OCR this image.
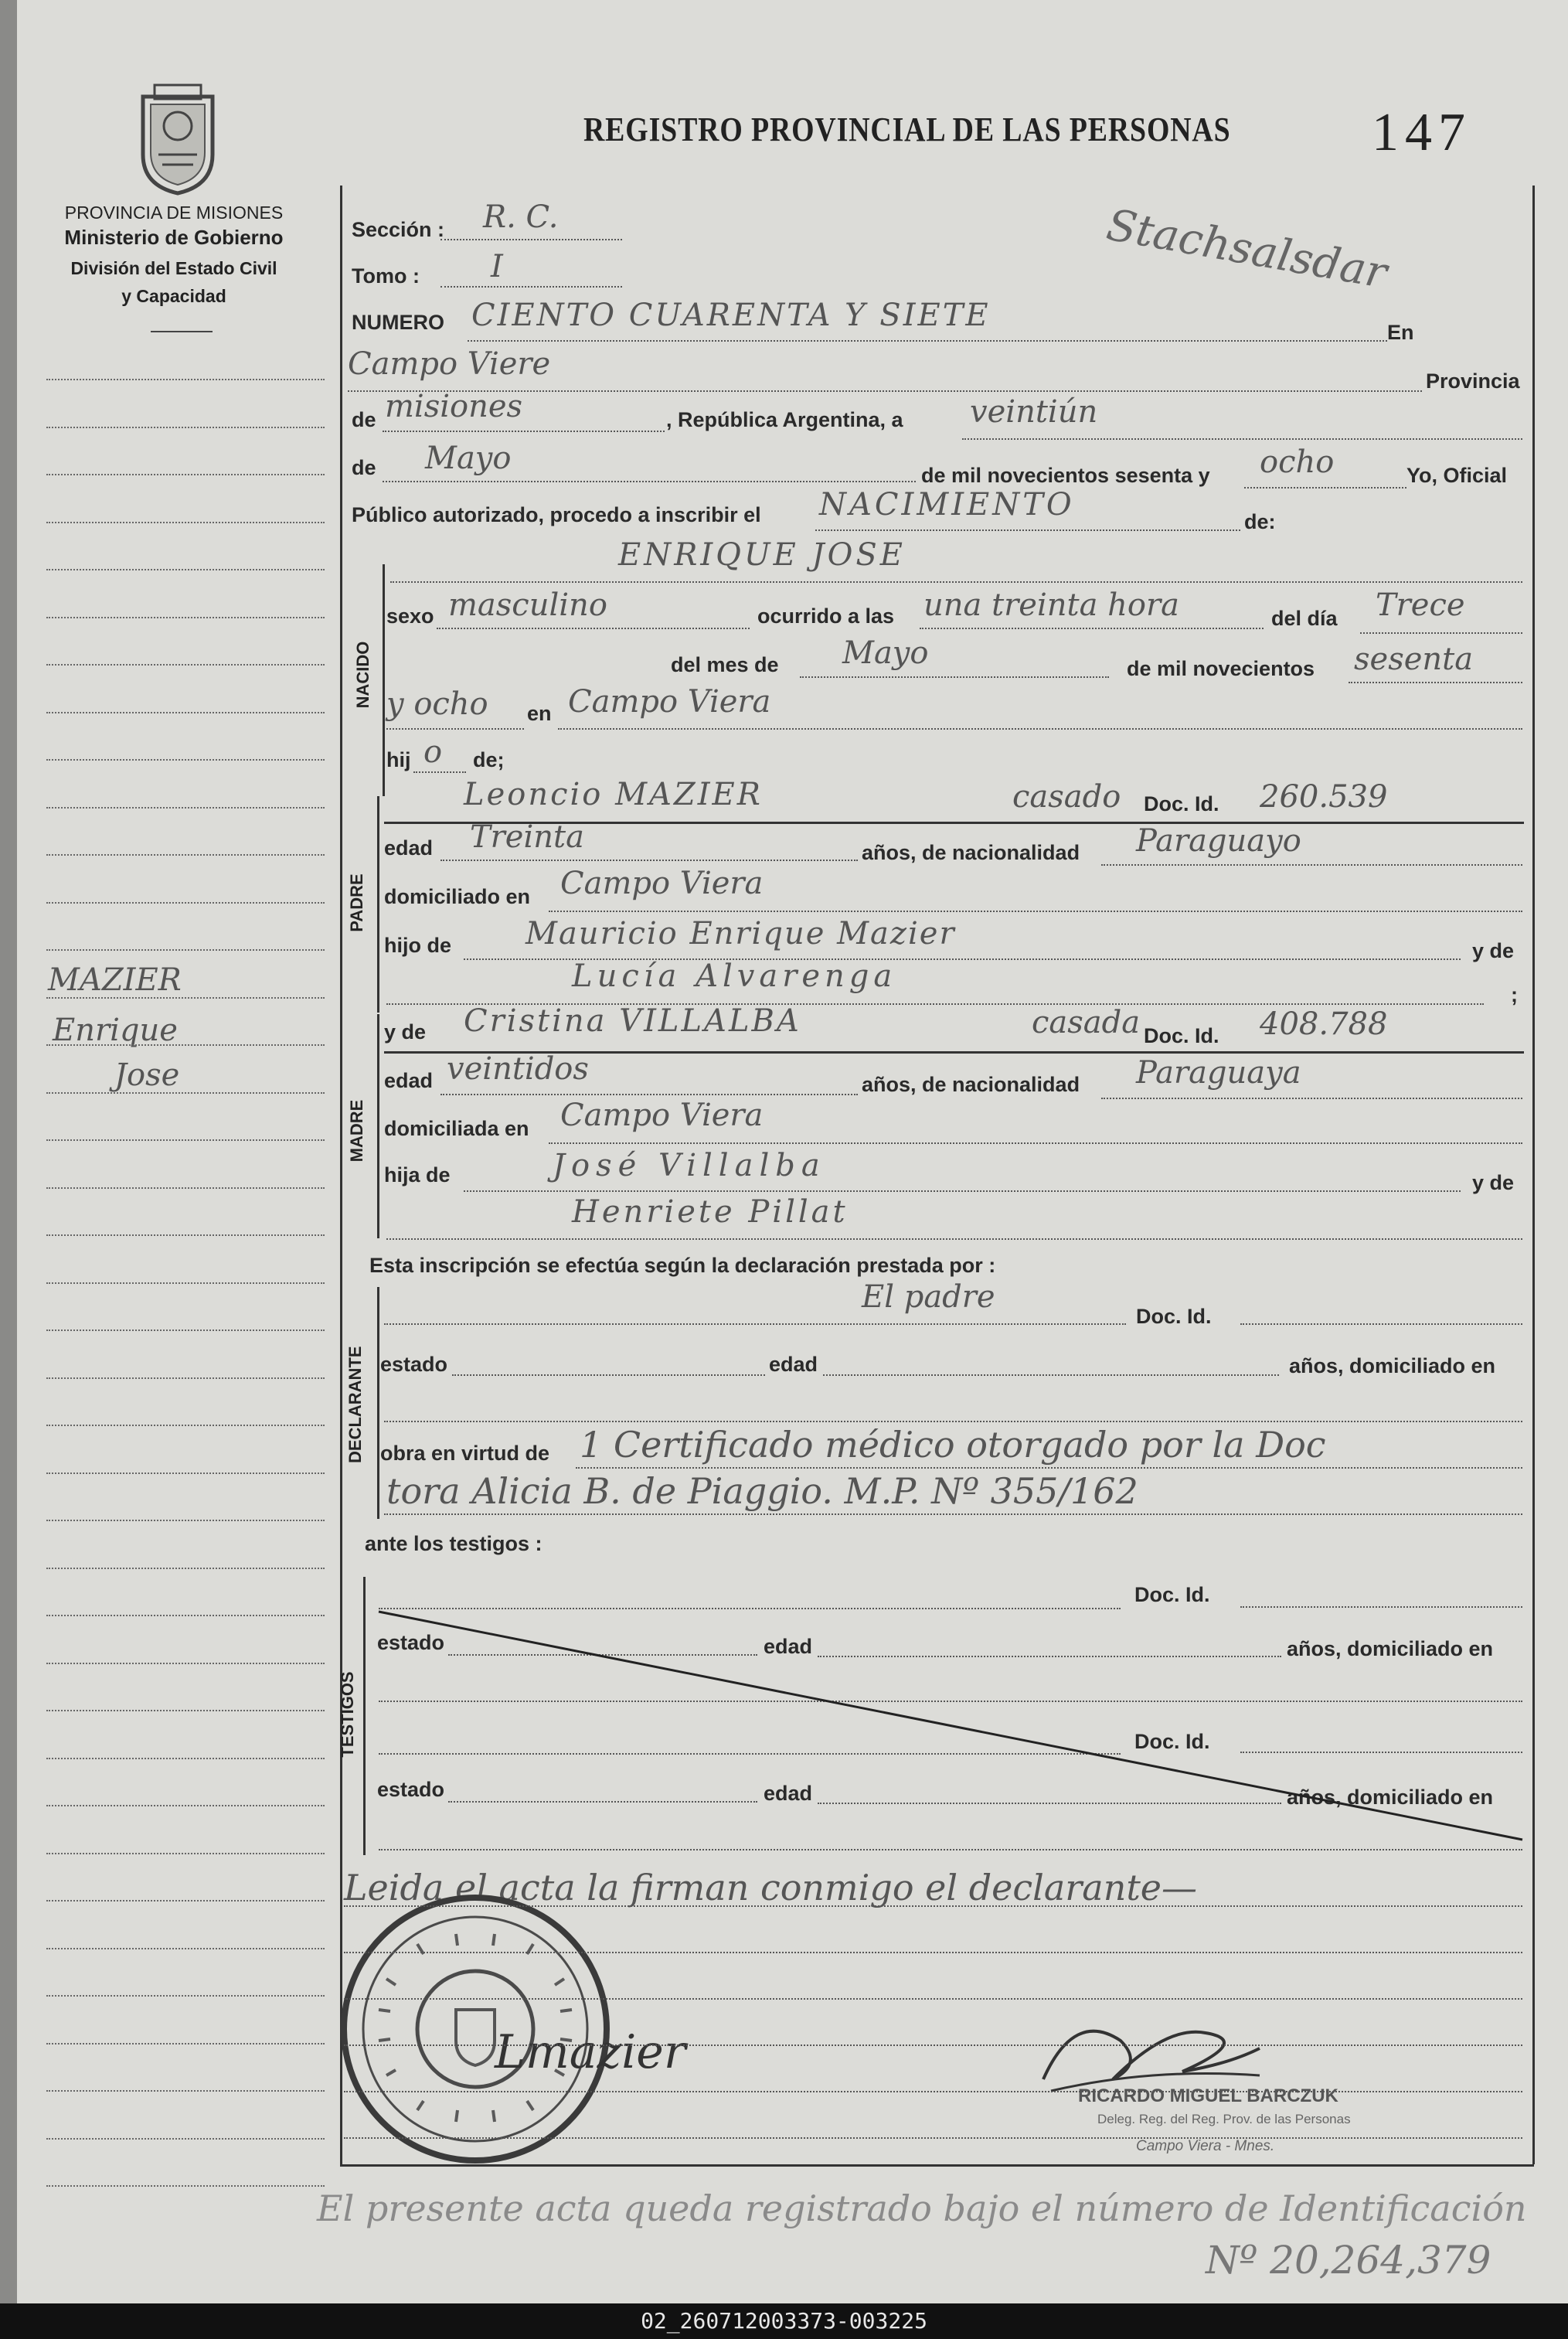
PROVINCIA DE MISIONES
Ministerio de Gobierno
División del Estado Civil
y Capacidad
MAZIER
Enrique
Jose
REGISTRO PROVINCIAL DE LAS PERSONAS	147
Stachsalsdar
Sección : R. C.
Tomo : I
NUMERO CIENTO CUARENTA Y SIETE	En
Campo Viere	Provincia
de misiones	, República Argentina, a veintiún
de Mayo	de mil novecientos sesenta y ocho	Yo, Oficial
Público autorizado, procedo a inscribir el NACIMIENTO	de:
NACIDO
ENRIQUE JOSE
sexo masculino	ocurrido a las una treinta hora	del día Trece
del mes de Mayo	de mil novecientos sesenta
y ocho en Campo Viera
hij o de;
PADRE
Leoncio MAZIER	casado Doc. Id. 260.539
edad Treinta	años, de nacionalidad Paraguayo
domiciliado en Campo Viera
hijo de Mauricio Enrique Mazier	y de
Lucía Alvarenga
;
MADRE
y de Cristina VILLALBA	casada Doc. Id. 408.788
edad veintidos	años, de nacionalidad Paraguaya
domiciliada en Campo Viera
hija de	José Villalba	y de
Henriete Pillat
Esta inscripción se efectúa según la declaración prestada por :
DECLARANTE
El padre
Doc. Id.
estado	edad	años, domiciliado en
obra en virtud de 1 Certificado médico otorgado por la Doc
tora Alicia B. de Piaggio. M.P. Nº 355/162
ante los testigos :
TESTIGOS
Doc. Id.
estado	edad	años, domiciliado en
Doc. Id.
estado	edad	años, domiciliado en
Leida el acta la firman conmigo el declarante—
Lmazier
RICARDO MIGUEL BARCZUK
Deleg. Reg. del Reg. Prov. de las Personas
Campo Viera - Mnes.
El presente acta queda registrado bajo el número de Identificación
Nº 20,264,379
02_260712003373-003225
